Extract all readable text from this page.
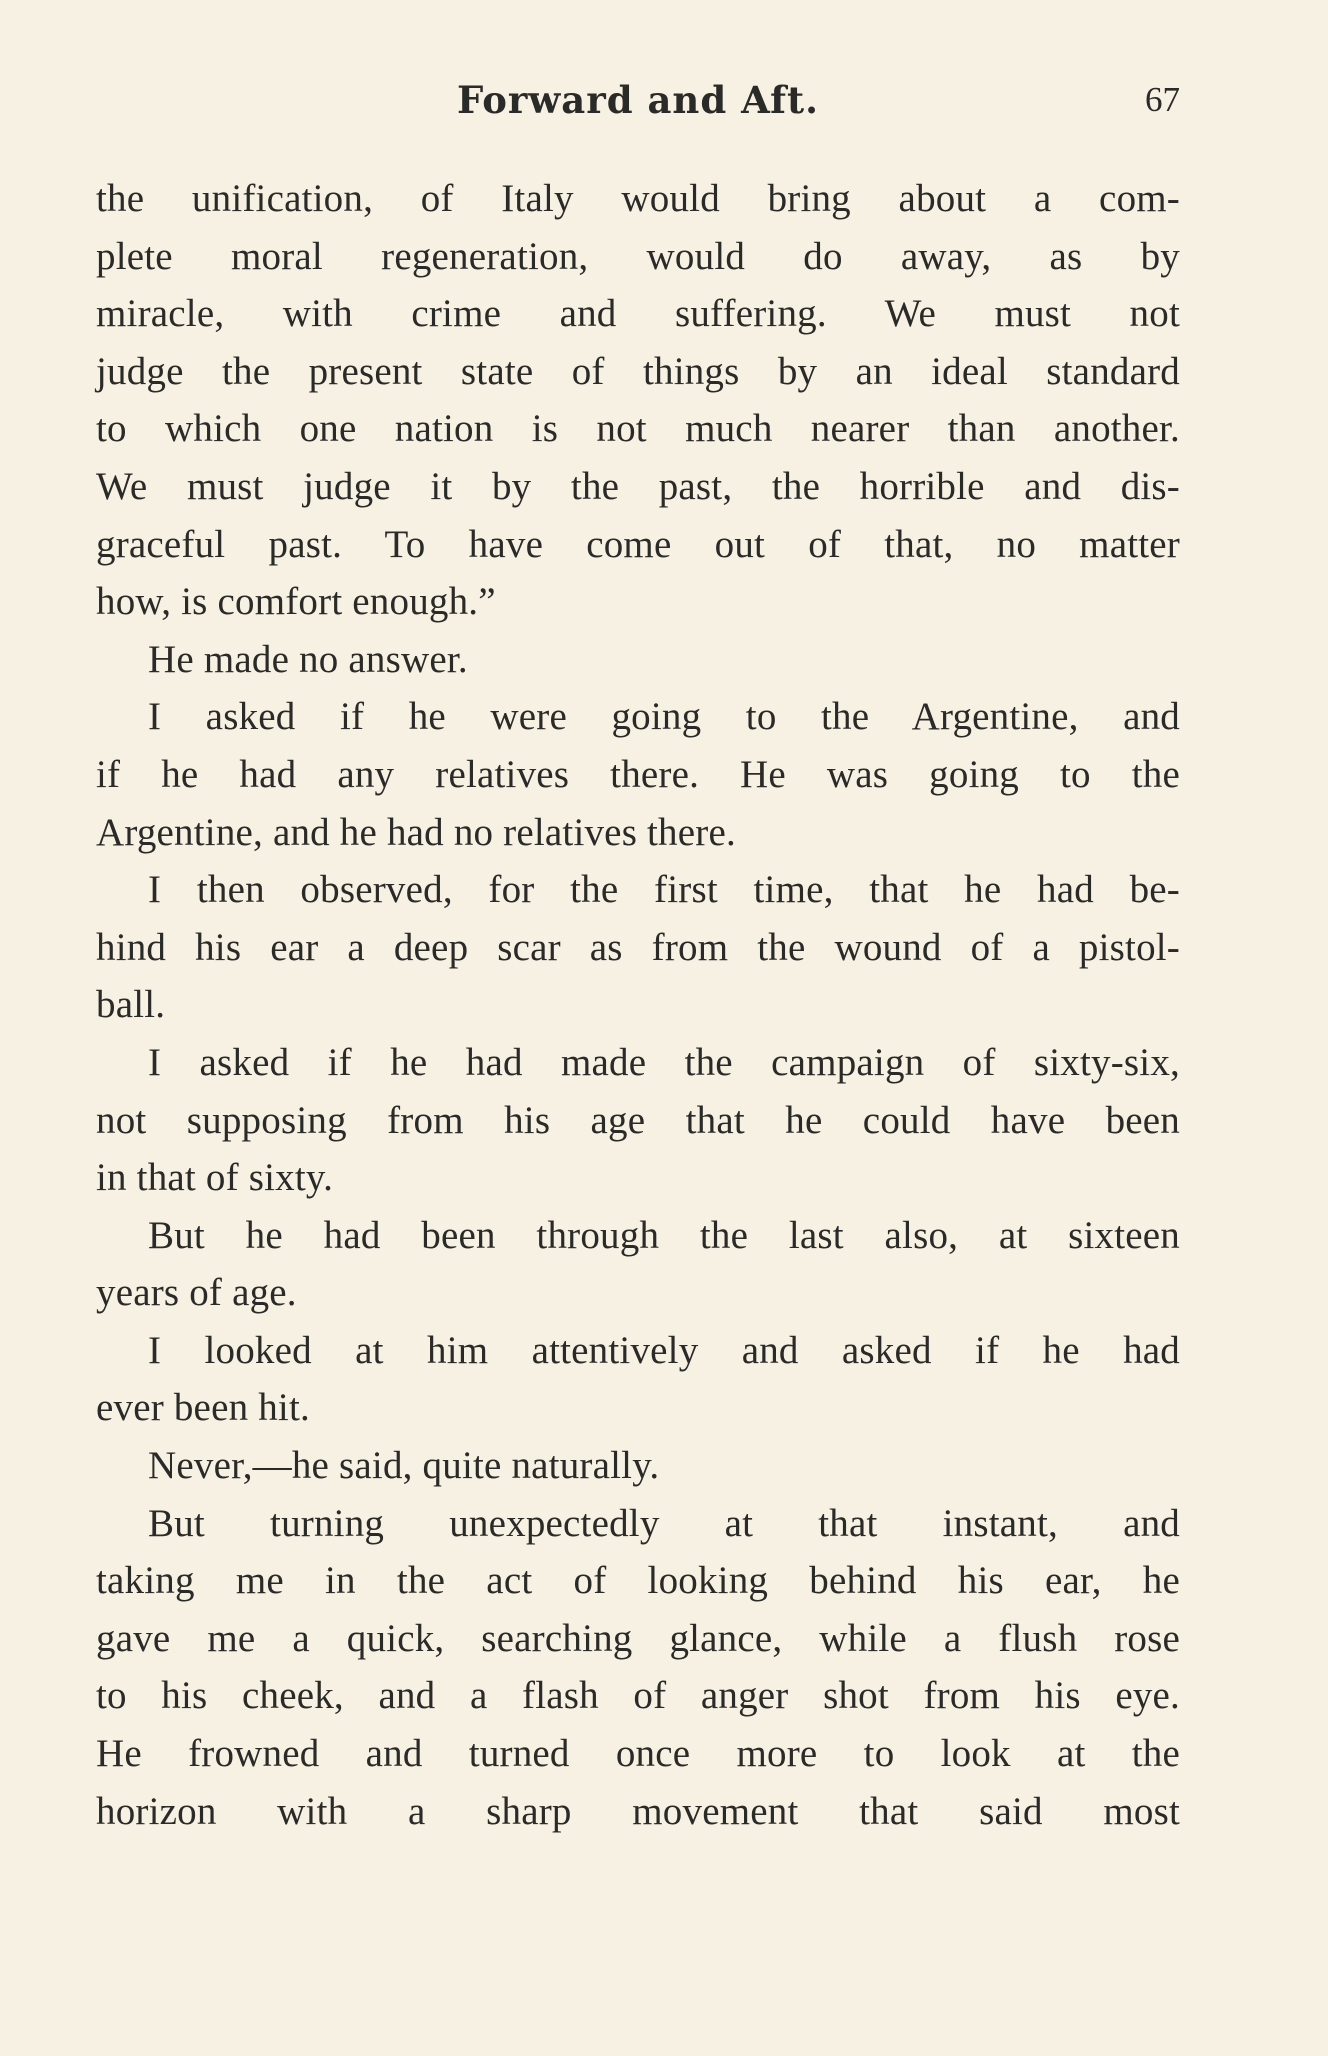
Forward and Aft.	67
the unification, of Italy would bring about a com-
plete moral regeneration, would do away, as by
miracle, with crime and suffering. We must not
judge the present state of things by an ideal standard
to which one nation is not much nearer than another.
We must judge it by the past, the horrible and dis-
graceful past. To have come out of that, no matter
how, is comfort enough.”
He made no answer.
I asked if he were going to the Argentine, and
if he had any relatives there. He was going to the
Argentine, and he had no relatives there.
I then observed, for the first time, that he had be-
hind his ear a deep scar as from the wound of a pistol-
ball.
I asked if he had made the campaign of sixty-six,
not supposing from his age that he could have been
in that of sixty.
But he had been through the last also, at sixteen
years of age.
I looked at him attentively and asked if he had
ever been hit.
Never,—he said, quite naturally.
But turning unexpectedly at that instant, and
taking me in the act of looking behind his ear, he
gave me a quick, searching glance, while a flush rose
to his cheek, and a flash of anger shot from his eye.
He frowned and turned once more to look at the
horizon with a sharp movement that said most
